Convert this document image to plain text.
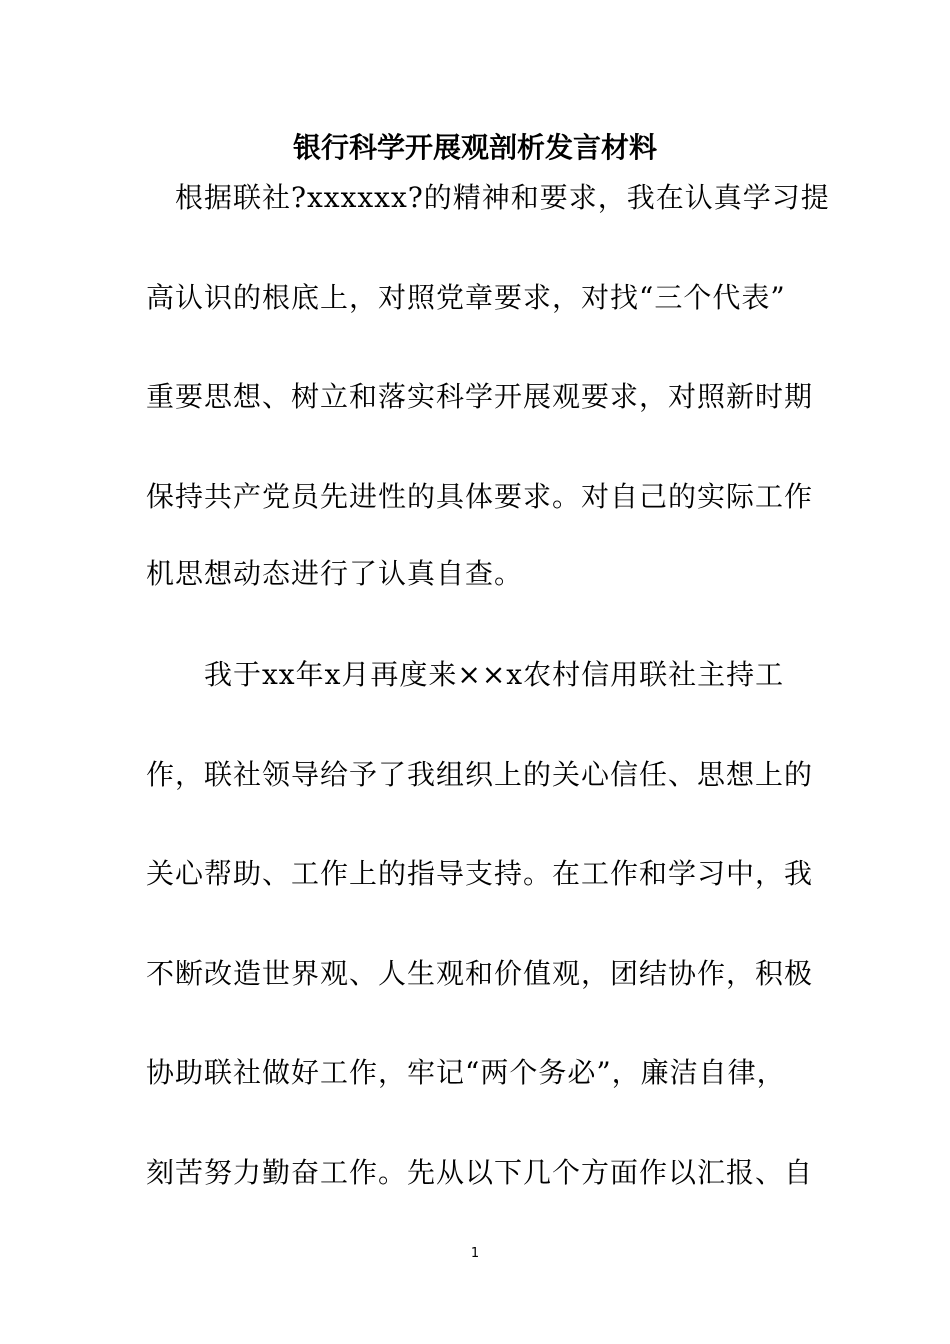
银行科学开展观剖析发言材料
　根据联社?xxxxxx?的精神和要求，我在认真学习提
高认识的根底上，对照党章要求，对找“三个代表”
重要思想、树立和落实科学开展观要求，对照新时期
保持共产党员先进性的具体要求。对自己的实际工作
机思想动态进行了认真自查。
　　我于xx年x月再度来××x农村信用联社主持工
作，联社领导给予了我组织上的关心信任、思想上的
关心帮助、工作上的指导支持。在工作和学习中，我
不断改造世界观、人生观和价值观，团结协作，积极
协助联社做好工作，牢记“两个务必”，廉洁自律，
刻苦努力勤奋工作。先从以下几个方面作以汇报、自
1
